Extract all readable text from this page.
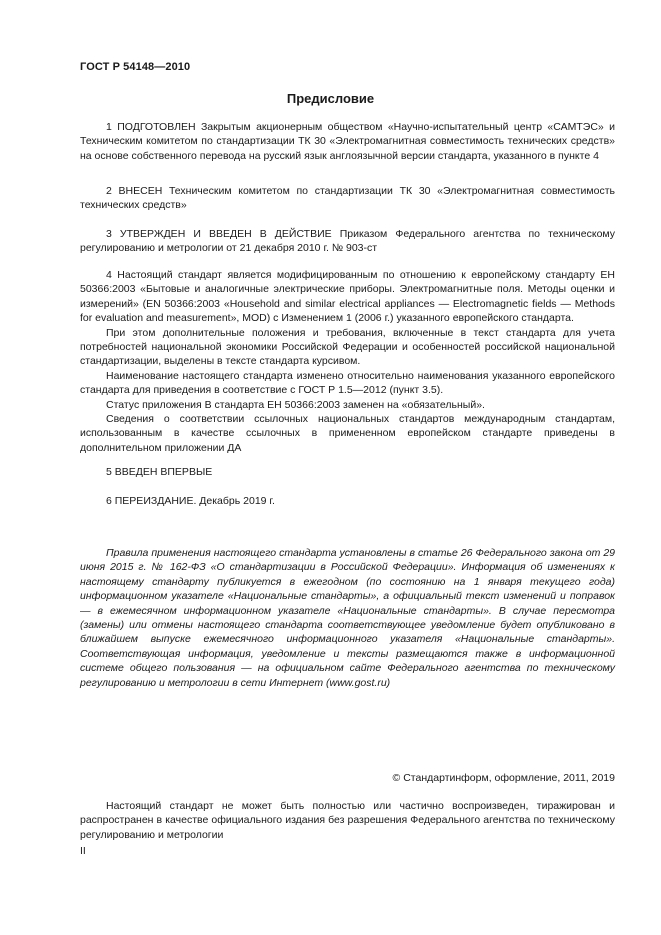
ГОСТ Р 54148—2010
Предисловие

1 ПОДГОТОВЛЕН Закрытым акционерным обществом «Научно-испытательный центр «САМТЭС» и Техническим комитетом по стандартизации ТК 30 «Электромагнитная совместимость технических средств» на основе собственного перевода на русский язык англоязычной версии стандарта, указанного в пункте 4

2 ВНЕСЕН Техническим комитетом по стандартизации ТК 30 «Электромагнитная совместимость технических средств»

3 УТВЕРЖДЕН И ВВЕДЕН В ДЕЙСТВИЕ Приказом Федерального агентства по техническому регулированию и метрологии от 21 декабря 2010 г. № 903-ст

4 Настоящий стандарт является модифицированным по отношению к европейскому стандарту ЕН 50366:2003 «Бытовые и аналогичные электрические приборы. Электромагнитные поля. Методы оценки и измерений» (EN 50366:2003 «Household and similar electrical appliances — Electromagnetic fields — Methods for evaluation and measurement», MOD) с Изменением 1 (2006 г.) указанного европейского стандарта.

При этом дополнительные положения и требования, включенные в текст стандарта для учета потребностей национальной экономики Российской Федерации и особенностей российской национальной стандартизации, выделены в тексте стандарта курсивом.

Наименование настоящего стандарта изменено относительно наименования указанного европейского стандарта для приведения в соответствие с ГОСТ Р 1.5—2012 (пункт 3.5).

Статус приложения В стандарта ЕН 50366:2003 заменен на «обязательный».

Сведения о соответствии ссылочных национальных стандартов международным стандартам, использованным в качестве ссылочных в примененном европейском стандарте приведены в дополнительном приложении ДА

5 ВВЕДЕН ВПЕРВЫЕ

6 ПЕРЕИЗДАНИЕ. Декабрь 2019 г.

Правила применения настоящего стандарта установлены в статье 26 Федерального закона от 29 июня 2015 г. № 162-ФЗ «О стандартизации в Российской Федерации». Информация об изменениях к настоящему стандарту публикуется в ежегодном (по состоянию на 1 января текущего года) информационном указателе «Национальные стандарты», а официальный текст изменений и поправок — в ежемесячном информационном указателе «Национальные стандарты». В случае пересмотра (замены) или отмены настоящего стандарта соответствующее уведомление будет опубликовано в ближайшем выпуске ежемесячного информационного указателя «Национальные стандарты». Соответствующая информация, уведомление и тексты размещаются также в информационной системе общего пользования — на официальном сайте Федерального агентства по техническому регулированию и метрологии в сети Интернет (www.gost.ru)

© Стандартинформ, оформление, 2011, 2019

Настоящий стандарт не может быть полностью или частично воспроизведен, тиражирован и распространен в качестве официального издания без разрешения Федерального агентства по техническому регулированию и метрологии

II
